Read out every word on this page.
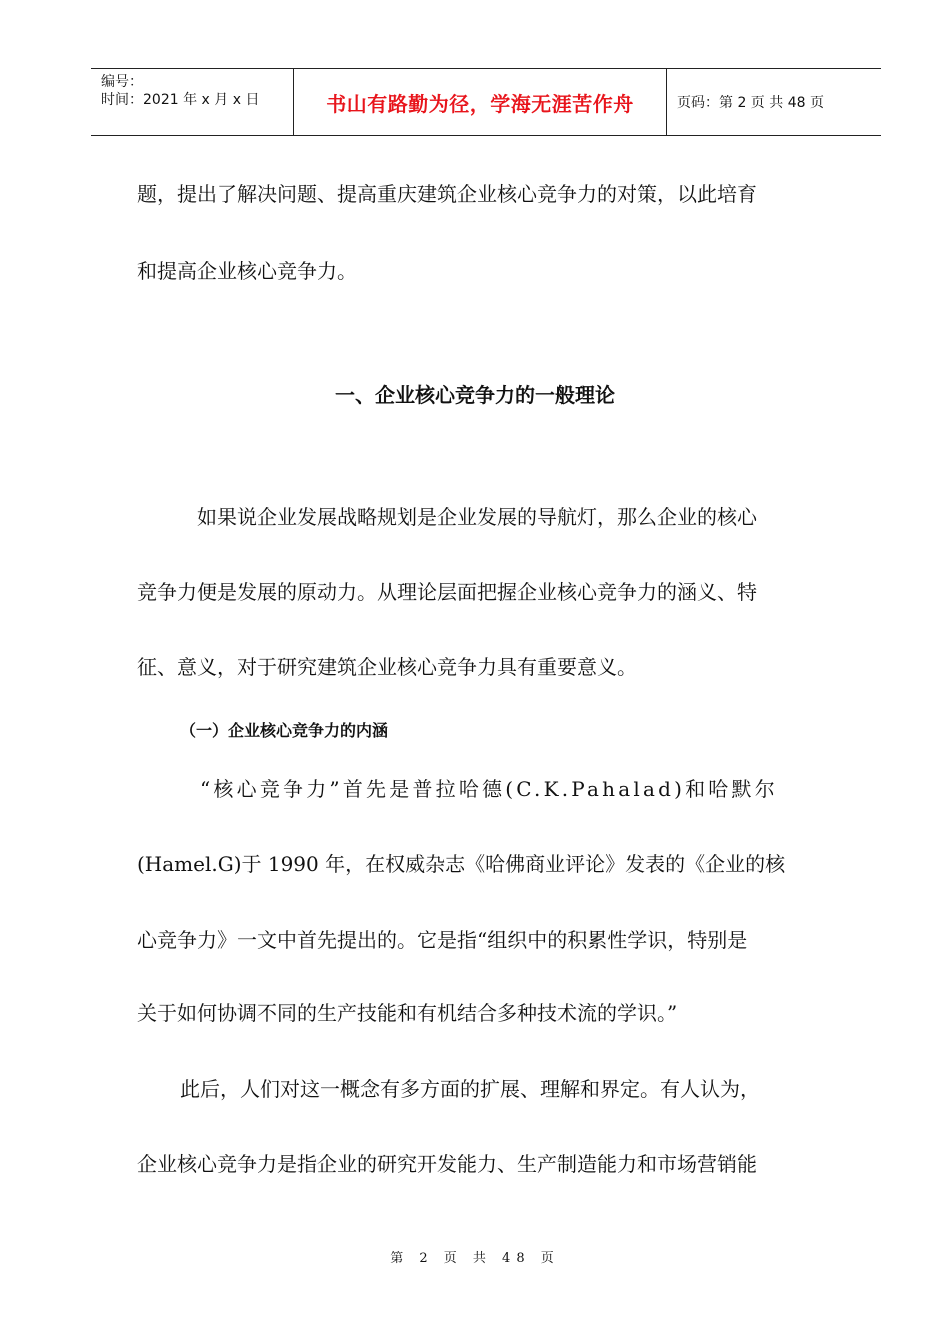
编号：
时间：2021 年 x 月 x 日	书山有路勤为径，学海无涯苦作舟	页码：第 2 页 共 48 页
题，提出了解决问题、提高重庆建筑企业核心竞争力的对策，以此培育
和提高企业核心竞争力。
一、企业核心竞争力的一般理论
如果说企业发展战略规划是企业发展的导航灯，那么企业的核心
竞争力便是发展的原动力。从理论层面把握企业核心竞争力的涵义、特
征、意义，对于研究建筑企业核心竞争力具有重要意义。
（一）企业核心竞争力的内涵
“核心竞争力”首先是普拉哈德(C.K.Pahalad)和哈默尔
(Hamel.G)于 1990 年，在权威杂志《哈佛商业评论》发表的《企业的核
心竞争力》一文中首先提出的。它是指“组织中的积累性学识，特别是
关于如何协调不同的生产技能和有机结合多种技术流的学识。”
此后，人们对这一概念有多方面的扩展、理解和界定。有人认为，
企业核心竞争力是指企业的研究开发能力、生产制造能力和市场营销能
第 2 页 共 48 页
